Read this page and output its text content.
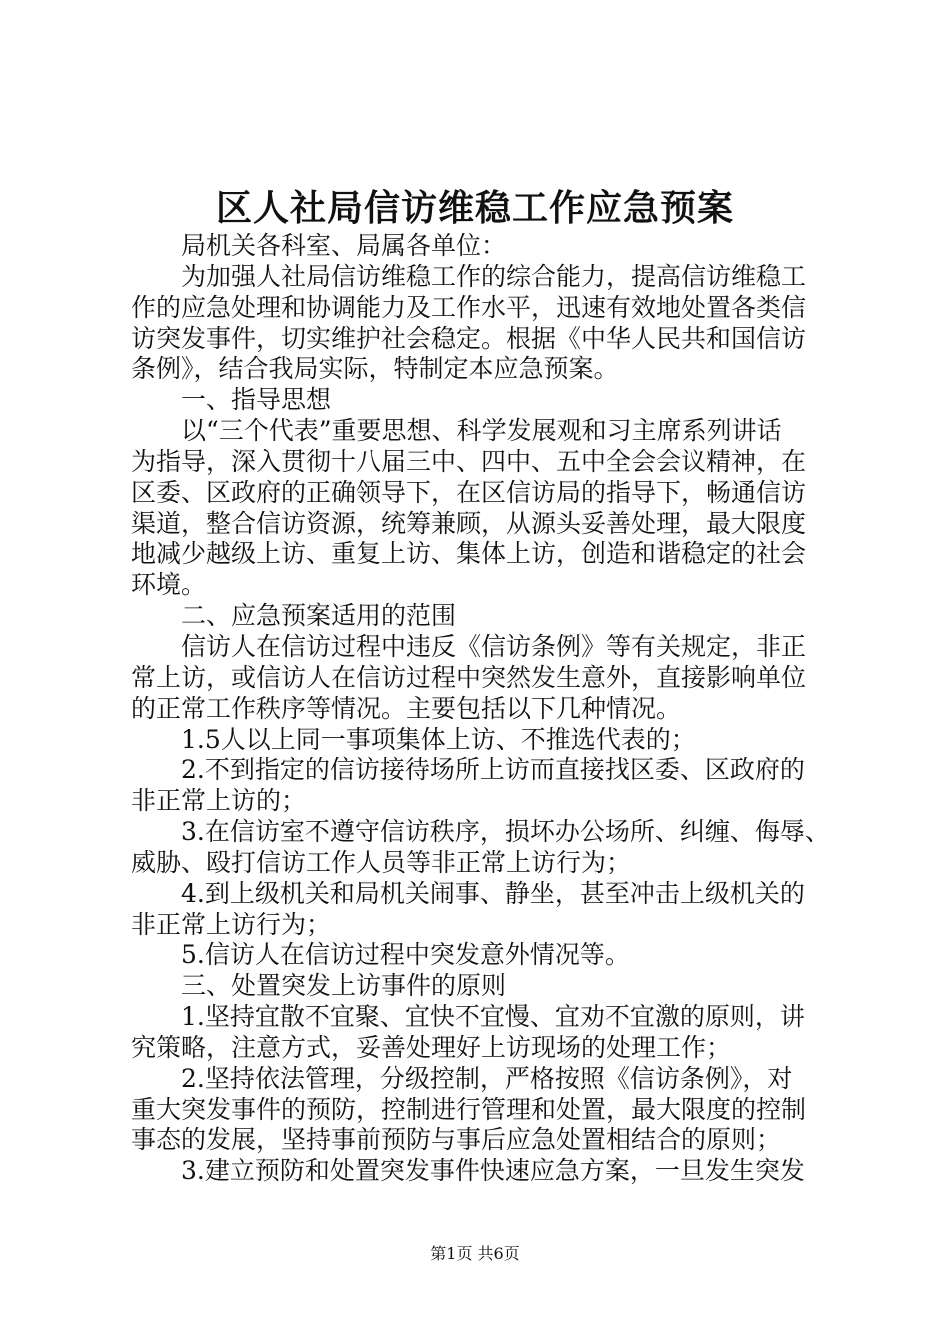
区人社局信访维稳工作应急预案
局机关各科室、局属各单位：
为加强人社局信访维稳工作的综合能力，提高信访维稳工
作的应急处理和协调能力及工作水平，迅速有效地处置各类信
访突发事件，切实维护社会稳定。根据《中华人民共和国信访
条例》，结合我局实际，特制定本应急预案。
一、指导思想
以“三个代表”重要思想、科学发展观和习主席系列讲话
为指导，深入贯彻十八届三中、四中、五中全会会议精神，在
区委、区政府的正确领导下，在区信访局的指导下，畅通信访
渠道，整合信访资源，统筹兼顾，从源头妥善处理，最大限度
地减少越级上访、重复上访、集体上访，创造和谐稳定的社会
环境。
二、应急预案适用的范围
信访人在信访过程中违反《信访条例》等有关规定，非正
常上访，或信访人在信访过程中突然发生意外，直接影响单位
的正常工作秩序等情况。主要包括以下几种情况。
1.5人以上同一事项集体上访、不推选代表的；
2.不到指定的信访接待场所上访而直接找区委、区政府的
非正常上访的；
3.在信访室不遵守信访秩序，损坏办公场所、纠缠、侮辱、
威胁、殴打信访工作人员等非正常上访行为；
4.到上级机关和局机关闹事、静坐，甚至冲击上级机关的
非正常上访行为；
5.信访人在信访过程中突发意外情况等。
三、处置突发上访事件的原则
1.坚持宜散不宜聚、宜快不宜慢、宜劝不宜激的原则，讲
究策略，注意方式，妥善处理好上访现场的处理工作；
2.坚持依法管理，分级控制，严格按照《信访条例》，对
重大突发事件的预防，控制进行管理和处置，最大限度的控制
事态的发展，坚持事前预防与事后应急处置相结合的原则；
3.建立预防和处置突发事件快速应急方案，一旦发生突发
第1页 共6页
